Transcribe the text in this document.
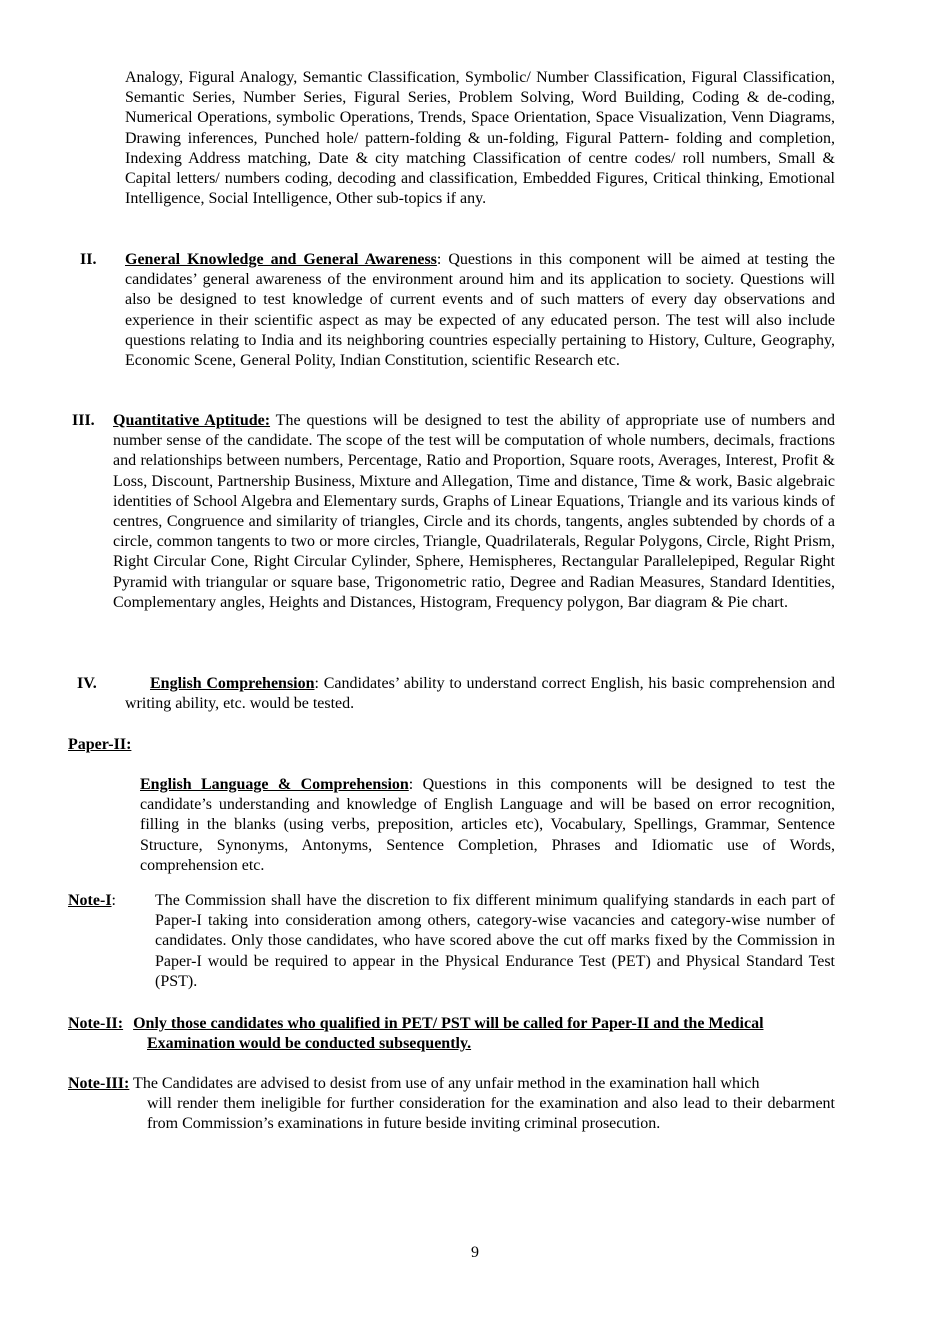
Analogy, Figural Analogy, Semantic Classification, Symbolic/ Number Classification, Figural Classification, Semantic Series, Number Series, Figural Series, Problem Solving, Word Building, Coding & de-coding, Numerical Operations, symbolic Operations, Trends, Space Orientation, Space Visualization, Venn Diagrams, Drawing inferences, Punched hole/ pattern-folding & un-folding, Figural Pattern- folding and completion, Indexing Address matching, Date & city matching Classification of centre codes/ roll numbers, Small & Capital letters/ numbers coding, decoding and classification, Embedded Figures, Critical thinking, Emotional Intelligence, Social Intelligence, Other sub-topics if any.

II. General Knowledge and General Awareness: Questions in this component will be aimed at testing the candidates’ general awareness of the environment around him and its application to society. Questions will also be designed to test knowledge of current events and of such matters of every day observations and experience in their scientific aspect as may be expected of any educated person. The test will also include questions relating to India and its neighboring countries especially pertaining to History, Culture, Geography, Economic Scene, General Polity, Indian Constitution, scientific Research etc.

III. Quantitative Aptitude: The questions will be designed to test the ability of appropriate use of numbers and number sense of the candidate. The scope of the test will be computation of whole numbers, decimals, fractions and relationships between numbers, Percentage, Ratio and Proportion, Square roots, Averages, Interest, Profit & Loss, Discount, Partnership Business, Mixture and Allegation, Time and distance, Time & work, Basic algebraic identities of School Algebra and Elementary surds, Graphs of Linear Equations, Triangle and its various kinds of centres, Congruence and similarity of triangles, Circle and its chords, tangents, angles subtended by chords of a circle, common tangents to two or more circles, Triangle, Quadrilaterals, Regular Polygons, Circle, Right Prism, Right Circular Cone, Right Circular Cylinder, Sphere, Hemispheres, Rectangular Parallelepiped, Regular Right Pyramid with triangular or square base, Trigonometric ratio, Degree and Radian Measures, Standard Identities, Complementary angles, Heights and Distances, Histogram, Frequency polygon, Bar diagram & Pie chart.

IV.	English Comprehension: Candidates’ ability to understand correct English, his basic comprehension and writing ability, etc. would be tested.

Paper-II:

English Language & Comprehension: Questions in this components will be designed to test the candidate’s understanding and knowledge of English Language and will be based on error recognition, filling in the blanks (using verbs, preposition, articles etc), Vocabulary, Spellings, Grammar, Sentence Structure, Synonyms, Antonyms, Sentence Completion, Phrases and Idiomatic use of Words, comprehension etc.

Note-I: The Commission shall have the discretion to fix different minimum qualifying standards in each part of Paper-I taking into consideration among others, category-wise vacancies and category-wise number of candidates. Only those candidates, who have scored above the cut off marks fixed by the Commission in Paper-I would be required to appear in the Physical Endurance Test (PET) and Physical Standard Test (PST).

Note-II: Only those candidates who qualified in PET/ PST will be called for Paper-II and the Medical
Examination would be conducted subsequently.
Note-III: The Candidates are advised to desist from use of any unfair method in the examination hall which

will render them ineligible for further consideration for the examination and also lead to their debarment from Commission’s examinations in future beside inviting criminal prosecution.

9
